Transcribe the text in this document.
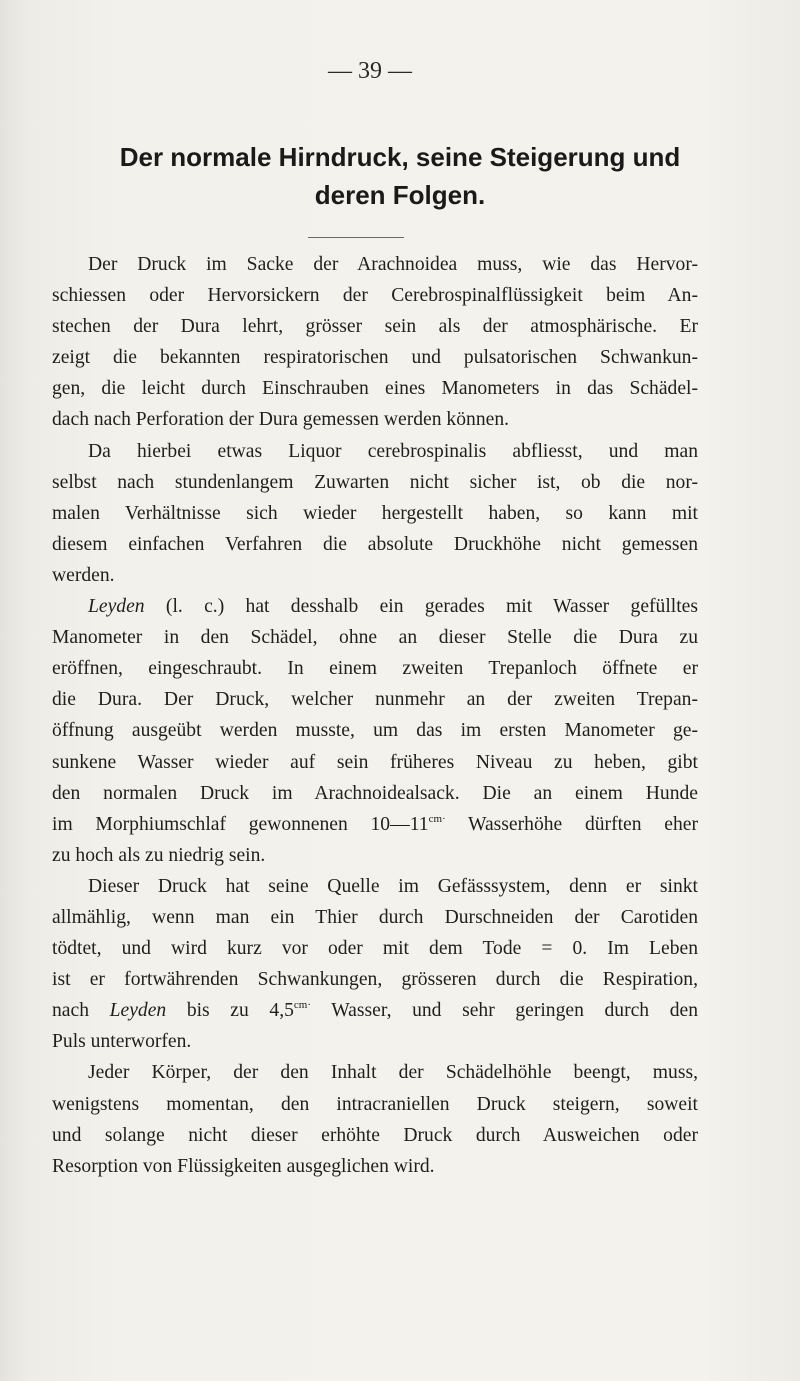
— 39 —
Der normale Hirndruck, seine Steigerung und
deren Folgen.
Der Druck im Sacke der Arachnoidea muss, wie das Hervor-
schiessen oder Hervorsickern der Cerebrospinalflüssigkeit beim An-
stechen der Dura lehrt, grösser sein als der atmosphärische. Er
zeigt die bekannten respiratorischen und pulsatorischen Schwankun-
gen, die leicht durch Einschrauben eines Manometers in das Schädel-
dach nach Perforation der Dura gemessen werden können.
Da hierbei etwas Liquor cerebrospinalis abfliesst, und man
selbst nach stundenlangem Zuwarten nicht sicher ist, ob die nor-
malen Verhältnisse sich wieder hergestellt haben, so kann mit
diesem einfachen Verfahren die absolute Druckhöhe nicht gemessen
werden.
Leyden (l. c.) hat desshalb ein gerades mit Wasser gefülltes
Manometer in den Schädel, ohne an dieser Stelle die Dura zu
eröffnen, eingeschraubt. In einem zweiten Trepanloch öffnete er
die Dura. Der Druck, welcher nunmehr an der zweiten Trepan-
öffnung ausgeübt werden musste, um das im ersten Manometer ge-
sunkene Wasser wieder auf sein früheres Niveau zu heben, gibt
den normalen Druck im Arachnoidealsack. Die an einem Hunde
im Morphiumschlaf gewonnenen $10—11^{cm\cdot}$ Wasserhöhe dürften eher
zu hoch als zu niedrig sein.
Dieser Druck hat seine Quelle im Gefässsystem, denn er sinkt
allmählig, wenn man ein Thier durch Durschneiden der Carotiden
tödtet, und wird kurz vor oder mit dem Tode = 0. Im Leben
ist er fortwährenden Schwankungen, grösseren durch die Respiration,
nach Leyden bis zu $4,5^{cm\cdot}$ Wasser, und sehr geringen durch den
Puls unterworfen.
Jeder Körper, der den Inhalt der Schädelhöhle beengt, muss,
wenigstens momentan, den intracraniellen Druck steigern, soweit
und solange nicht dieser erhöhte Druck durch Ausweichen oder
Resorption von Flüssigkeiten ausgeglichen wird.
